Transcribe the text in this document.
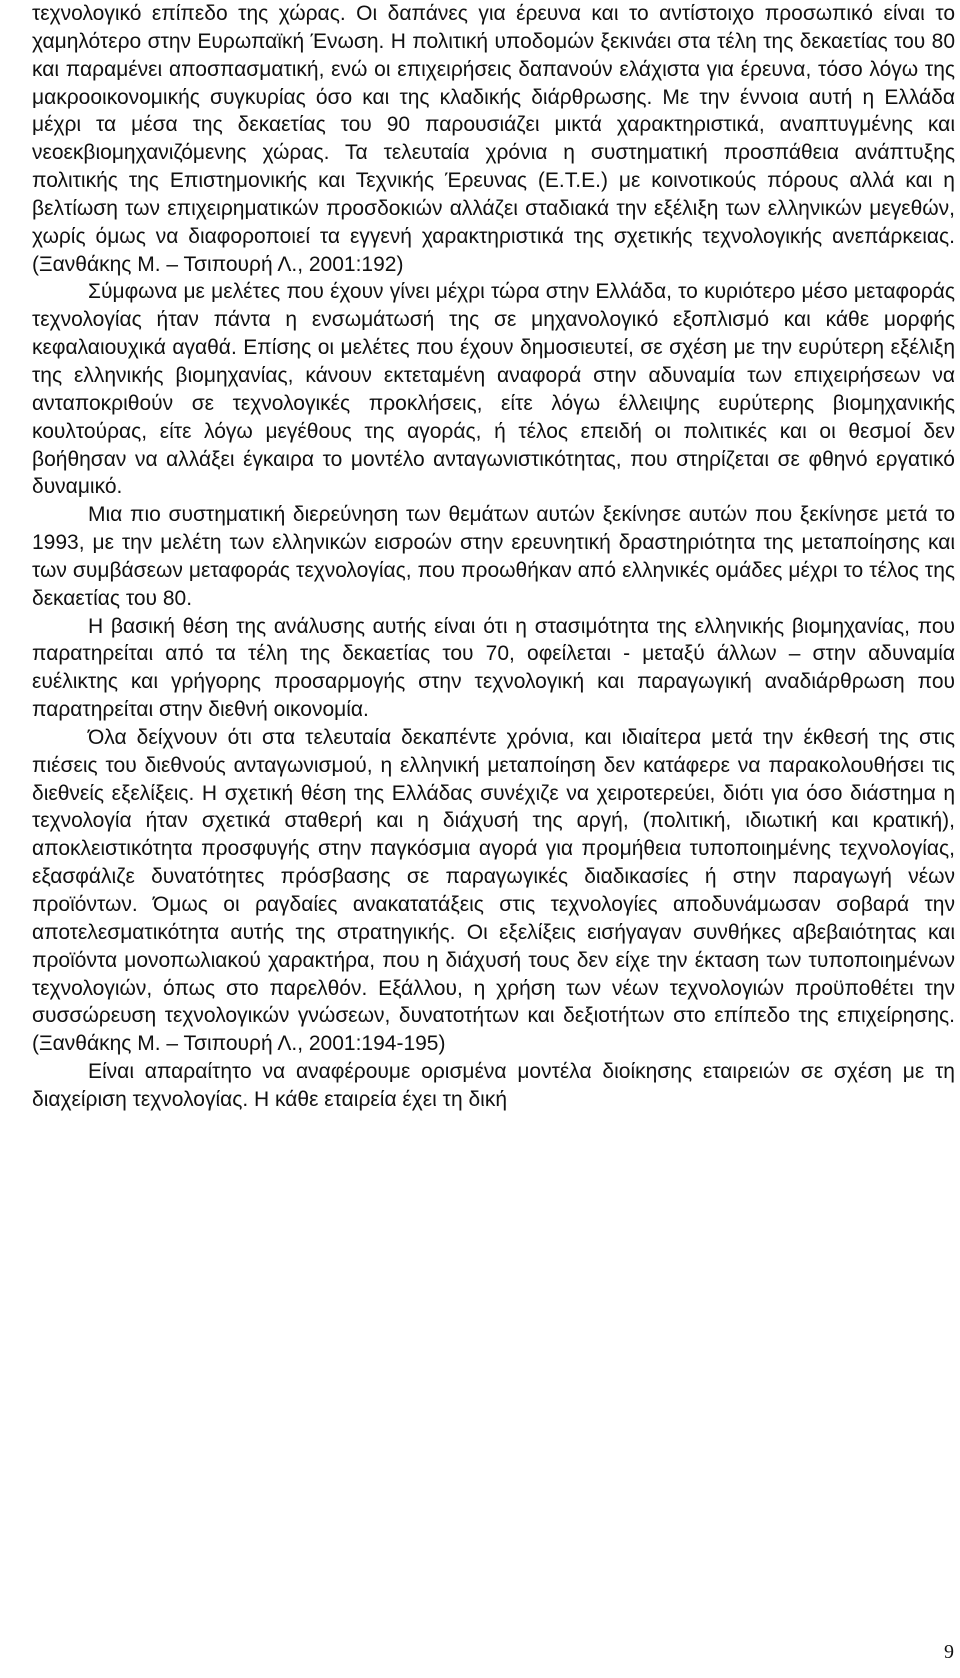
τεχνολογικό επίπεδο της χώρας. Οι δαπάνες για έρευνα και το αντίστοιχο προσωπικό είναι το χαμηλότερο στην Ευρωπαϊκή Ένωση. Η πολιτική υποδομών ξεκινάει στα τέλη της δεκαετίας του 80 και παραμένει αποσπασματική, ενώ οι επιχειρήσεις δαπανούν ελάχιστα για έρευνα, τόσο λόγω της μακροοικονομικής συγκυρίας όσο και της κλαδικής διάρθρωσης. Με την έννοια αυτή η Ελλάδα μέχρι τα μέσα της δεκαετίας του 90 παρουσιάζει μικτά χαρακτηριστικά, αναπτυγμένης και νεοεκβιομηχανιζόμενης χώρας. Τα τελευταία χρόνια η συστηματική προσπάθεια ανάπτυξης πολιτικής της Επιστημονικής και Τεχνικής Έρευνας (Ε.Τ.Ε.) με κοινοτικούς πόρους αλλά και η βελτίωση των επιχειρηματικών προσδοκιών αλλάζει σταδιακά την εξέλιξη των ελληνικών μεγεθών, χωρίς όμως να διαφοροποιεί τα εγγενή χαρακτηριστικά της σχετικής τεχνολογικής ανεπάρκειας. (Ξανθάκης Μ. – Τσιπουρή Λ., 2001:192)

Σύμφωνα με μελέτες που έχουν γίνει μέχρι τώρα στην Ελλάδα, το κυριότερο μέσο μεταφοράς τεχνολογίας ήταν πάντα η ενσωμάτωσή της σε μηχανολογικό εξοπλισμό και κάθε μορφής κεφαλαιουχικά αγαθά. Επίσης οι μελέτες που έχουν δημοσιευτεί, σε σχέση με την ευρύτερη εξέλιξη της ελληνικής βιομηχανίας, κάνουν εκτεταμένη αναφορά στην αδυναμία των επιχειρήσεων να ανταποκριθούν σε τεχνολογικές προκλήσεις, είτε λόγω έλλειψης ευρύτερης βιομηχανικής κουλτούρας, είτε λόγω μεγέθους της αγοράς, ή τέλος επειδή οι πολιτικές και οι θεσμοί δεν βοήθησαν να αλλάξει έγκαιρα το μοντέλο ανταγωνιστικότητας, που στηρίζεται σε φθηνό εργατικό δυναμικό.

Μια πιο συστηματική διερεύνηση των θεμάτων αυτών ξεκίνησε αυτών που ξεκίνησε μετά το 1993, με την μελέτη των ελληνικών εισροών στην ερευνητική δραστηριότητα της μεταποίησης και των συμβάσεων μεταφοράς τεχνολογίας, που προωθήκαν από ελληνικές ομάδες μέχρι το τέλος της δεκαετίας του 80.

Η βασική θέση της ανάλυσης αυτής είναι ότι η στασιμότητα της ελληνικής βιομηχανίας, που παρατηρείται από τα τέλη της δεκαετίας του 70, οφείλεται - μεταξύ άλλων – στην αδυναμία ευέλικτης και γρήγορης προσαρμογής στην τεχνολογική και παραγωγική αναδιάρθρωση που παρατηρείται στην διεθνή οικονομία.

Όλα δείχνουν ότι στα τελευταία δεκαπέντε χρόνια, και ιδιαίτερα μετά την έκθεσή της στις πιέσεις του διεθνούς ανταγωνισμού, η ελληνική μεταποίηση δεν κατάφερε να παρακολουθήσει τις διεθνείς εξελίξεις. Η σχετική θέση της Ελλάδας συνέχιζε να χειροτερεύει, διότι για όσο διάστημα η τεχνολογία ήταν σχετικά σταθερή και η διάχυσή της αργή, (πολιτική, ιδιωτική και κρατική), αποκλειστικότητα προσφυγής στην παγκόσμια αγορά για προμήθεια τυποποιημένης τεχνολογίας, εξασφάλιζε δυνατότητες πρόσβασης σε παραγωγικές διαδικασίες ή στην παραγωγή νέων προϊόντων. Όμως οι ραγδαίες ανακατατάξεις στις τεχνολογίες αποδυνάμωσαν σοβαρά την αποτελεσματικότητα αυτής της στρατηγικής. Οι εξελίξεις εισήγαγαν συνθήκες αβεβαιότητας και προϊόντα μονοπωλιακού χαρακτήρα, που η διάχυσή τους δεν είχε την έκταση των τυποποιημένων τεχνολογιών, όπως στο παρελθόν. Εξάλλου, η χρήση των νέων τεχνολογιών προϋποθέτει την συσσώρευση τεχνολογικών γνώσεων, δυνατοτήτων και δεξιοτήτων στο επίπεδο της επιχείρησης. (Ξανθάκης Μ. – Τσιπουρή Λ., 2001:194-195)

Είναι απαραίτητο να αναφέρουμε ορισμένα μοντέλα διοίκησης εταιρειών σε σχέση με τη διαχείριση τεχνολογίας. Η κάθε εταιρεία έχει τη δική

9
